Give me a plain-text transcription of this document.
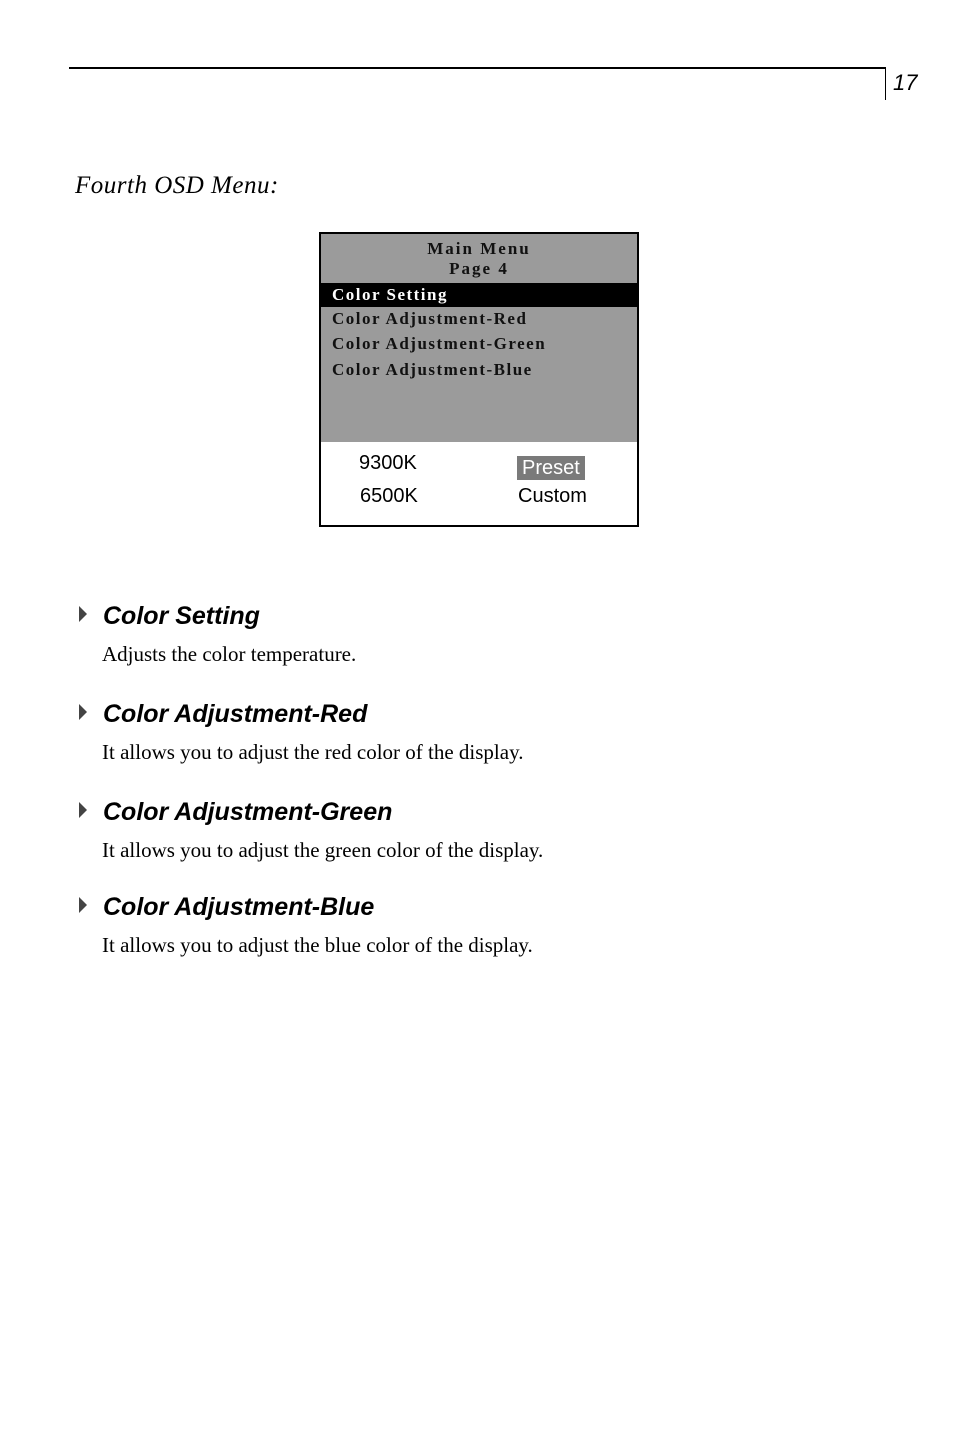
17
Fourth OSD Menu:
Main Menu
Page 4
Color Setting
Color Adjustment-Red
Color Adjustment-Green
Color Adjustment-Blue
9300K	Preset
6500K	Custom
Color Setting
Adjusts the color temperature.
Color Adjustment-Red
It allows you to adjust the red color of the display.
Color Adjustment-Green
It allows you to adjust the green color of the display.
Color Adjustment-Blue
It allows you to adjust the blue color of the display.
